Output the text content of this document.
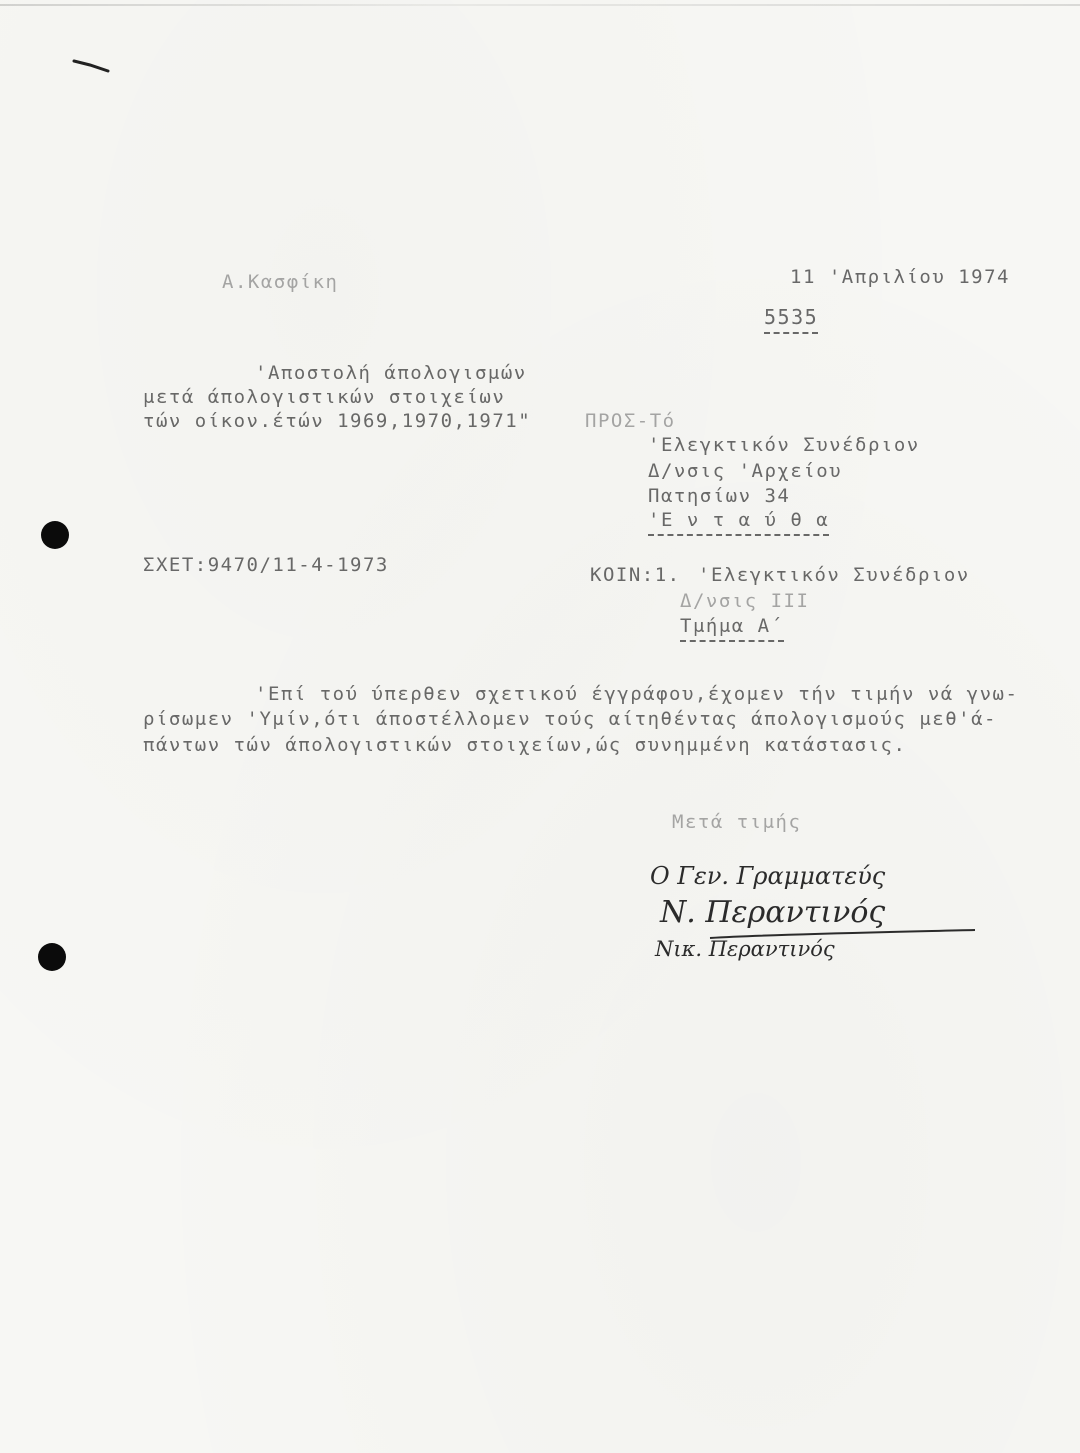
Α.Κασφίκη	11 'Απριλίου 1974
5535
'Αποστολή άπολογισμών
μετά άπολογιστικών στοιχείων
τών οίκον.έτών 1969,1970,1971"	ΠΡΟΣ-Τό
'Ελεγκτικόν Συνέδριον
Δ/νσις 'Αρχείου
Πατησίων 34
'Ε ν τ α ύ θ α
ΣΧΕΤ:9470/11-4-1973	ΚΟΙΝ:1. 'Ελεγκτικόν Συνέδριον
Δ/νσις III
Τμήμα Α΄
'Επί τού ύπερθεν σχετικού έγγράφου,έχομεν τήν τιμήν νά γνω-
ρίσωμεν 'Υμίν,ότι άποστέλλομεν τούς αίτηθέντας άπολογισμούς μεθ'ά-
πάντων τών άπολογιστικών στοιχείων,ώς συνημμένη κατάστασις.
Μετά τιμής
Ο Γεν. Γραμματεύς
Ν. Περαντινός
Νικ. Περαντινός
